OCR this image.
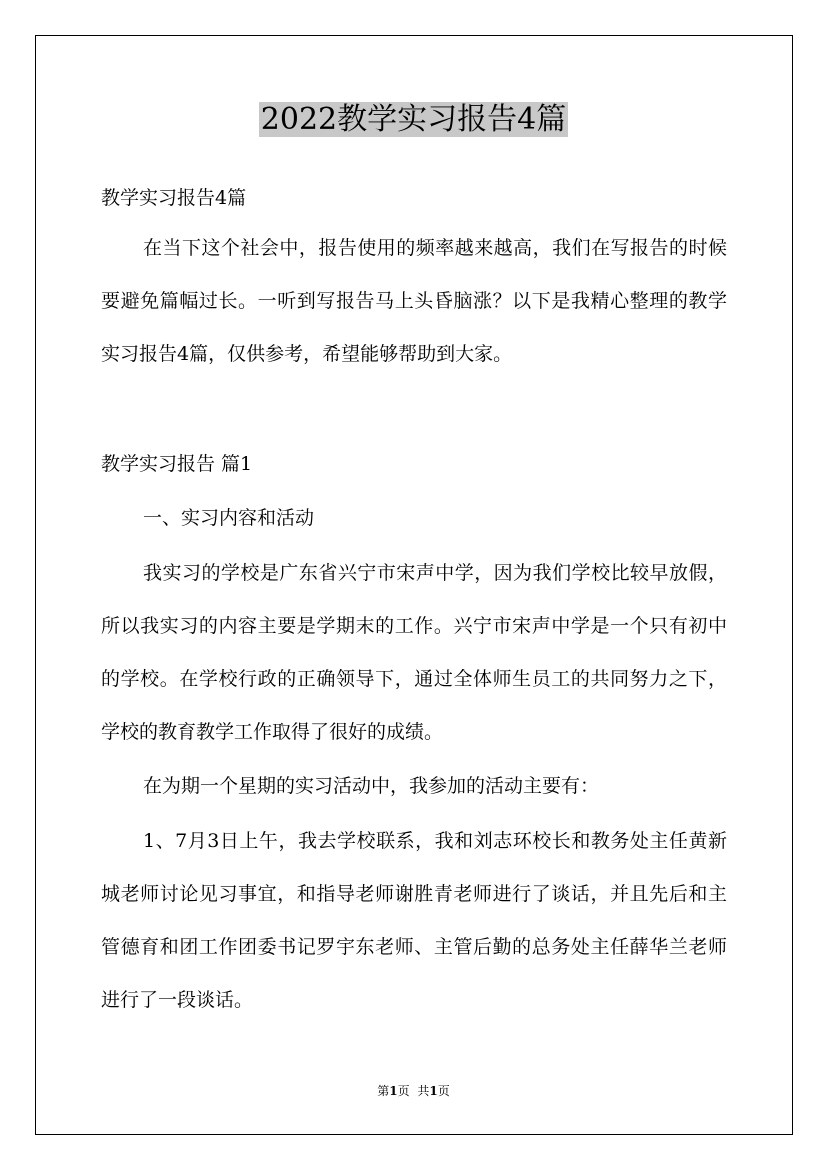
2022教学实习报告4篇

教学实习报告4篇

在当下这个社会中，报告使用的频率越来越高，我们在写报告的时候要避免篇幅过长。一听到写报告马上头昏脑涨？以下是我精心整理的教学实习报告4篇，仅供参考，希望能够帮助到大家。

教学实习报告 篇1

一、实习内容和活动

我实习的学校是广东省兴宁市宋声中学，因为我们学校比较早放假，所以我实习的内容主要是学期末的工作。兴宁市宋声中学是一个只有初中的学校。在学校行政的正确领导下，通过全体师生员工的共同努力之下，学校的教育教学工作取得了很好的成绩。

在为期一个星期的实习活动中，我参加的活动主要有：

1、7月3日上午，我去学校联系，我和刘志环校长和教务处主任黄新城老师讨论见习事宜，和指导老师谢胜青老师进行了谈话，并且先后和主管德育和团工作团委书记罗宇东老师、主管后勤的总务处主任薛华兰老师进行了一段谈话。

第1页 共1页
